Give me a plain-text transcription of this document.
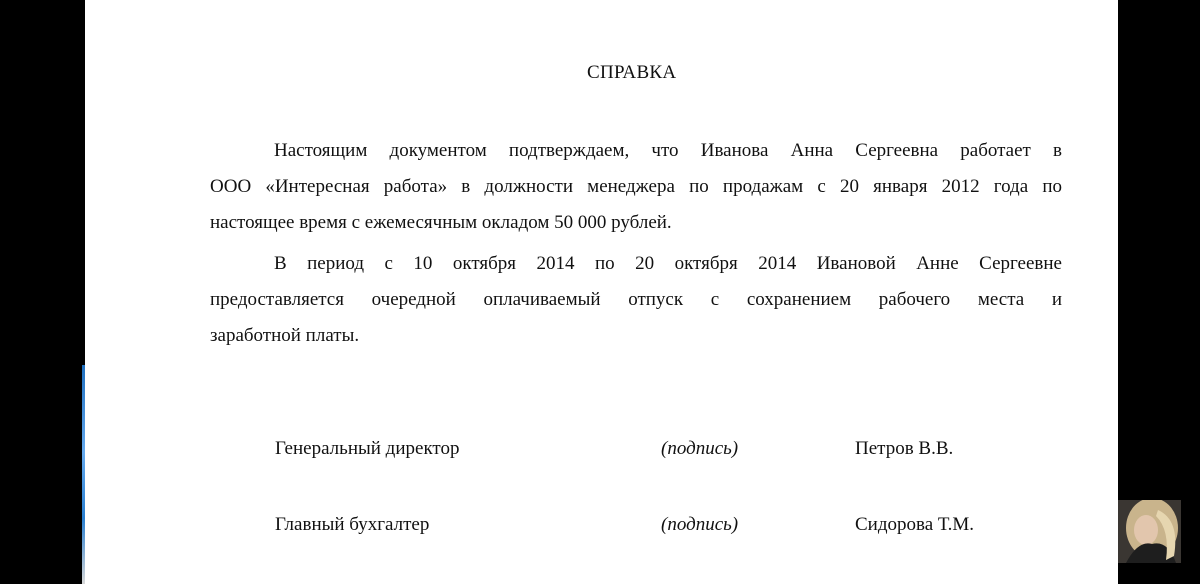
СПРАВКА
Настоящим документом подтверждаем, что Иванова Анна Сергеевна работает в
ООО «Интересная работа» в должности менеджера по продажам с 20 января 2012 года по
настоящее время с ежемесячным окладом 50 000 рублей.
В период с 10 октября 2014 по 20 октября 2014 Ивановой Анне Сергеевне
предоставляется очередной оплачиваемый отпуск с сохранением рабочего места и
заработной платы.
Генеральный директор	(подпись)	Петров В.В.
Главный бухгалтер	(подпись)	Сидорова Т.М.
